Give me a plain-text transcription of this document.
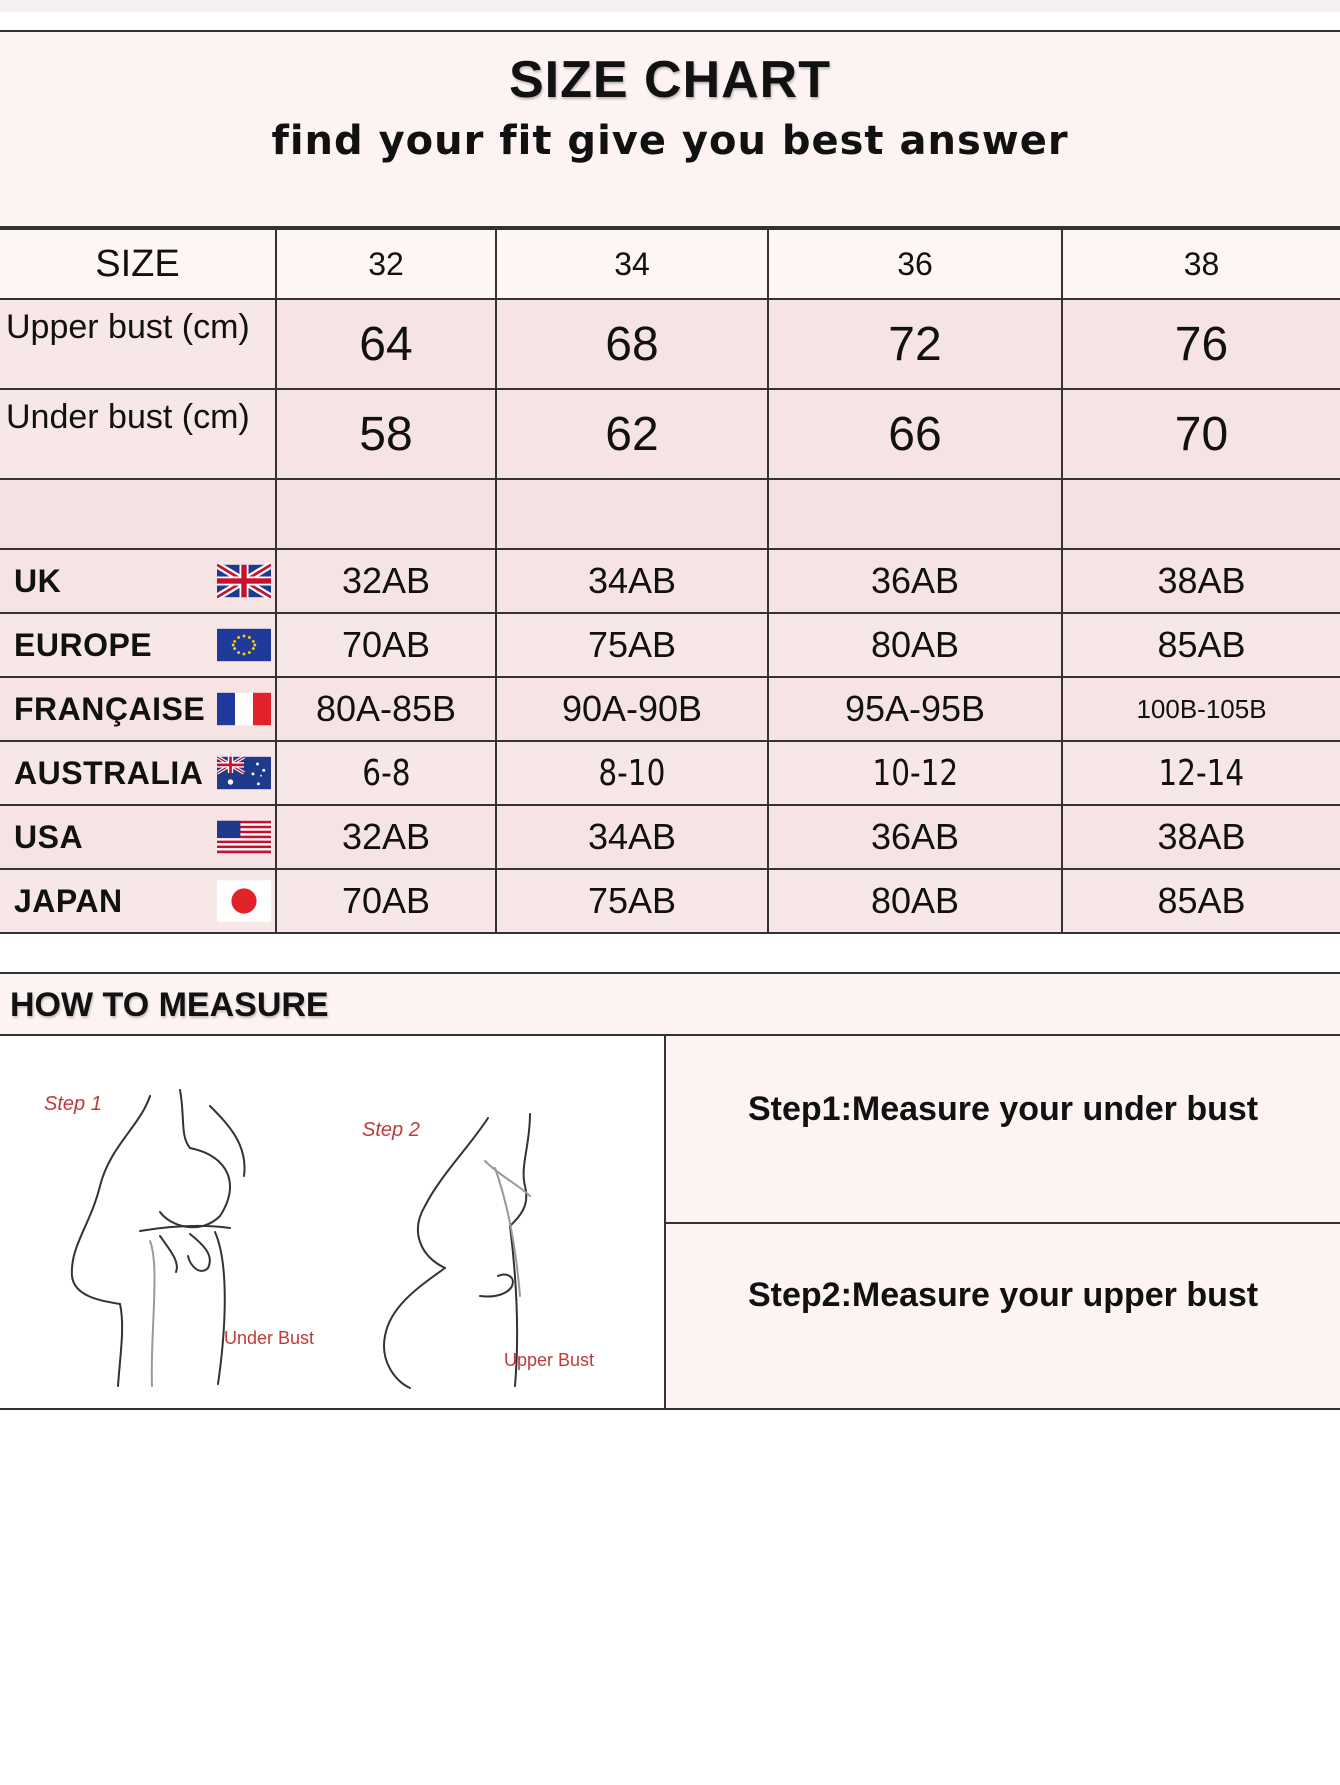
SIZE CHART
find your fit give you best answer
SIZE	32	34	36	38
Upper bust (cm)	64	68	72	76
Under bust (cm)	58	62	66	70

UK	32AB	34AB	36AB	38AB

EUROPE	70AB	75AB	80AB	85AB

FRANÇAISE	80A-85B	90A-90B	95A-95B	100B-105B

AUSTRALIA	6-8	8-10	10-12	12-14

USA	32AB	34AB	36AB	38AB

JAPAN	70AB	75AB	80AB	85AB
HOW TO MEASURE
Step 1
Step 2
Under Bust
Upper Bust
Step1:Measure your under bust
Step2:Measure your upper bust
